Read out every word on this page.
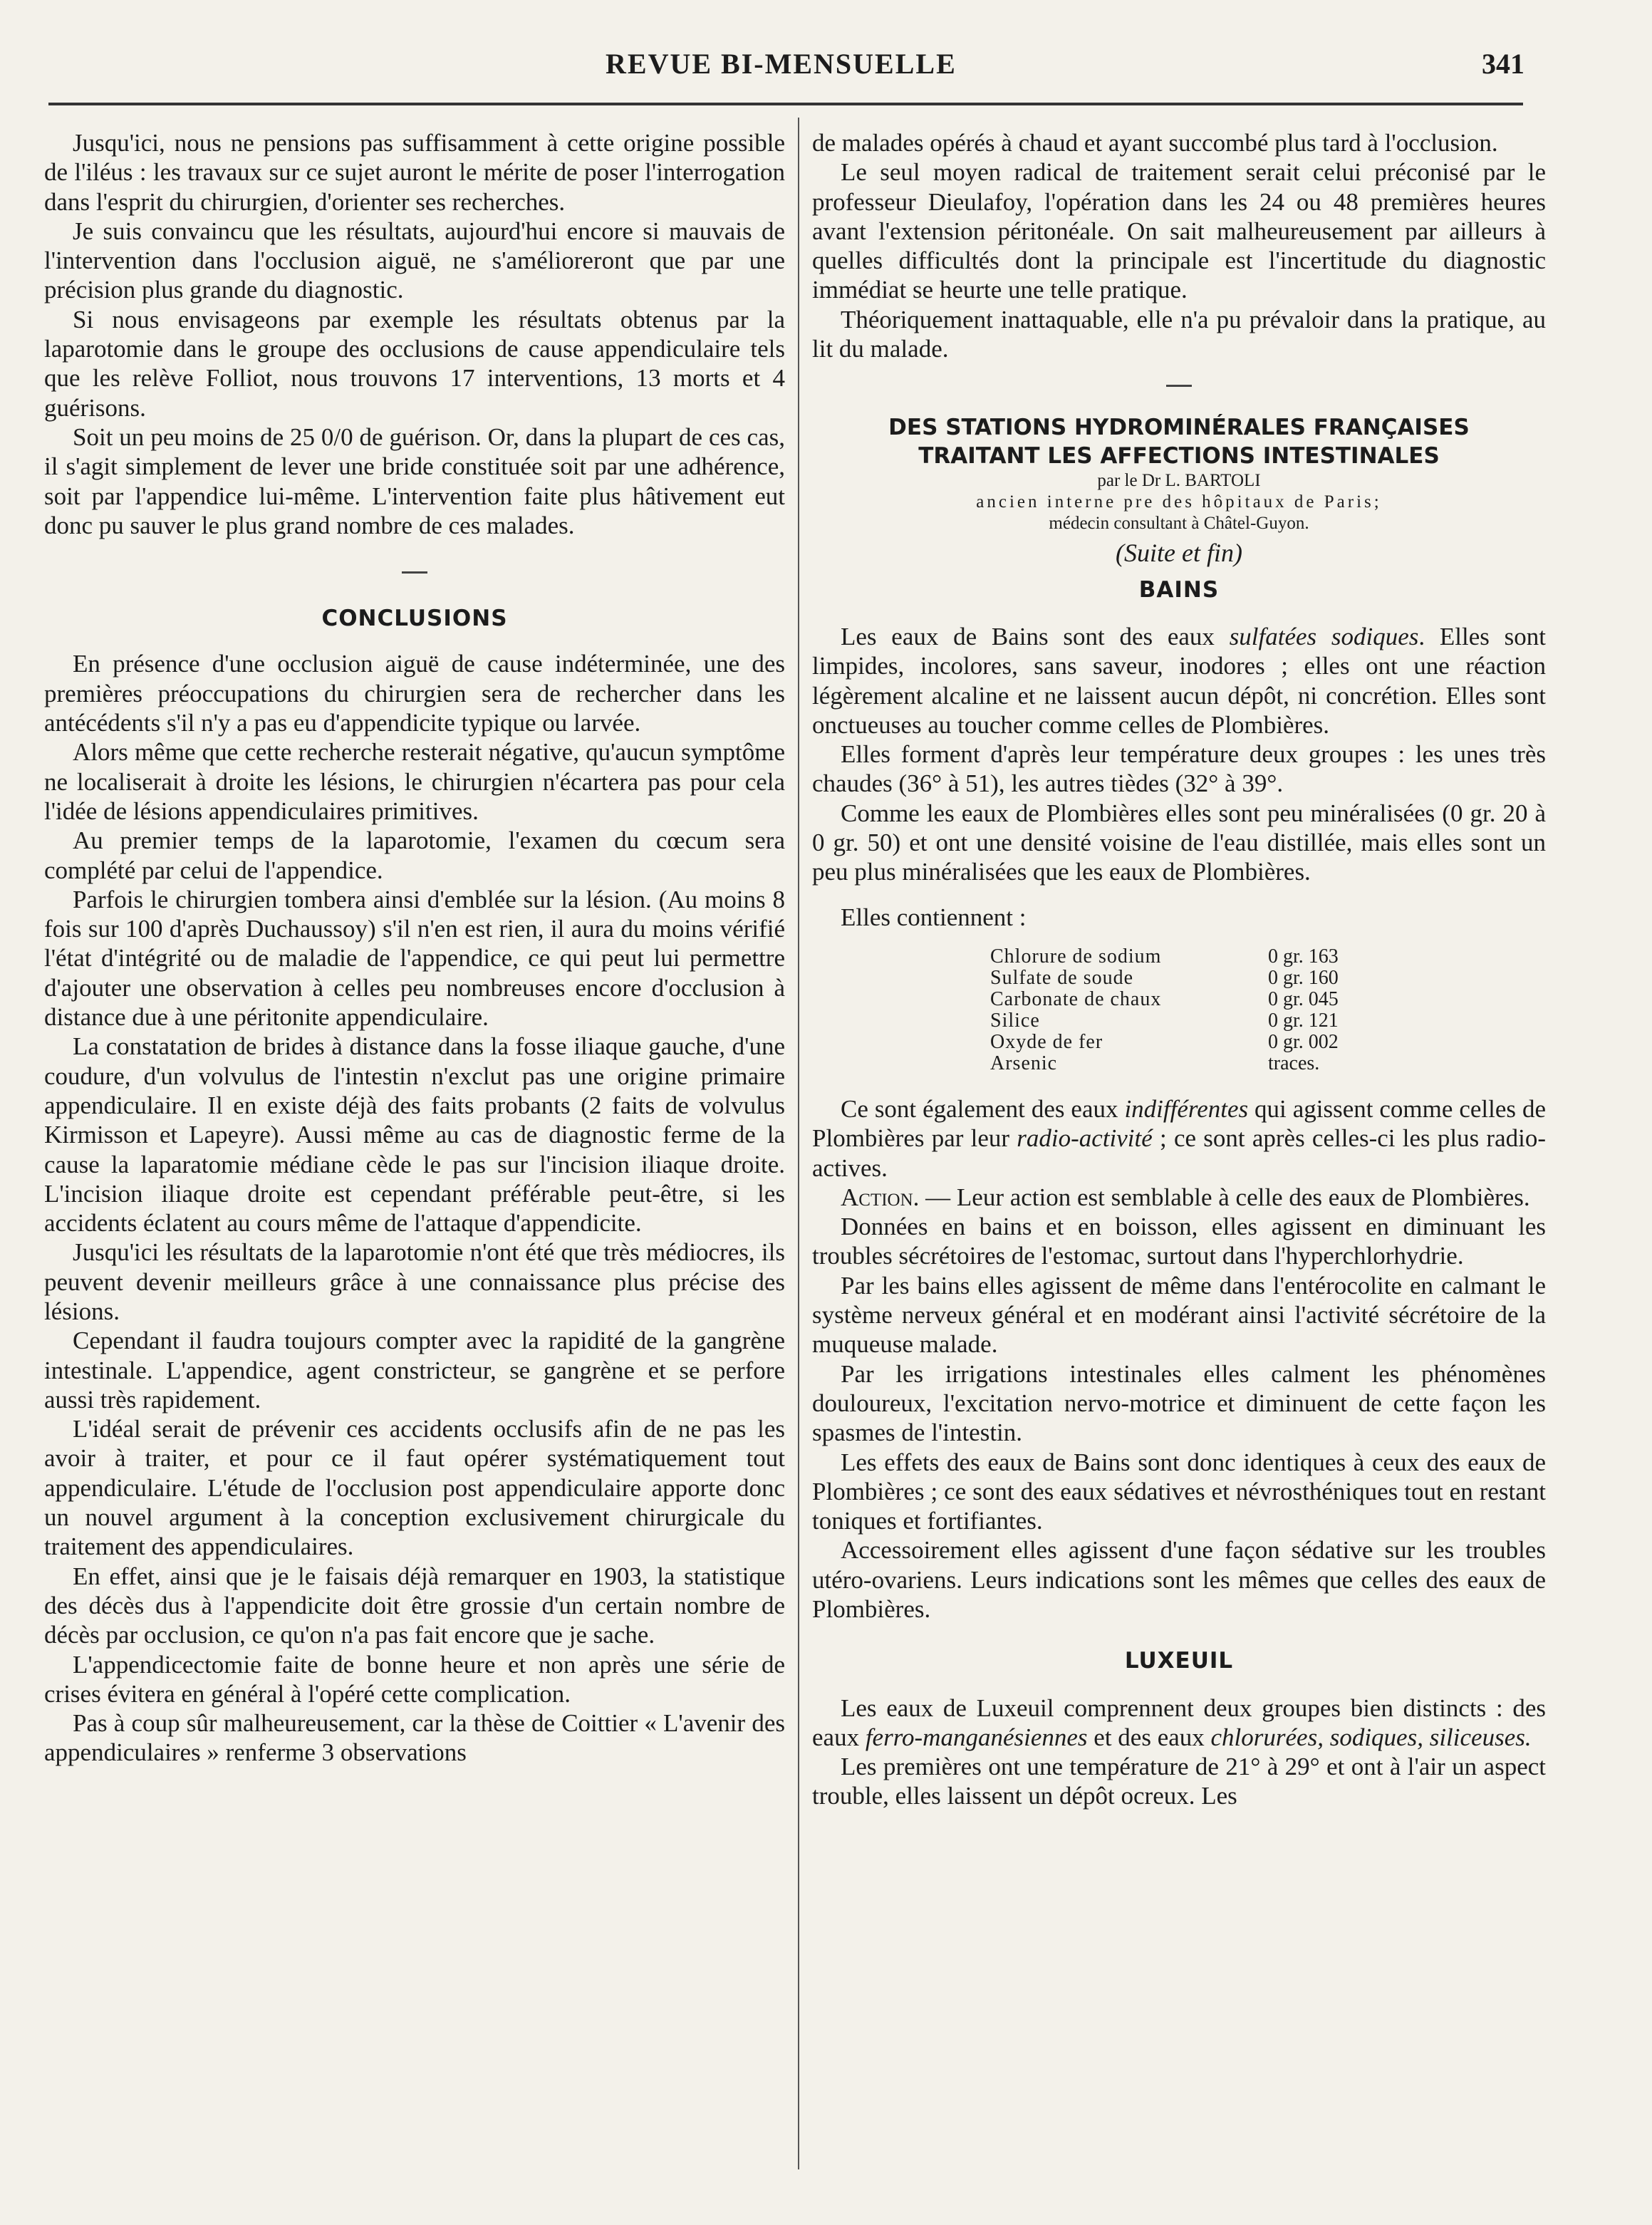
REVUE BI-MENSUELLE	341

Jusqu'ici, nous ne pensions pas suffisamment à cette origine possible de l'iléus : les travaux sur ce sujet auront le mérite de poser l'interrogation dans l'esprit du chirurgien, d'orienter ses recherches.

Je suis convaincu que les résultats, aujourd'hui encore si mauvais de l'intervention dans l'occlusion aiguë, ne s'amélioreront que par une précision plus grande du diagnostic.

Si nous envisageons par exemple les résultats obtenus par la laparotomie dans le groupe des occlusions de cause appendiculaire tels que les relève Folliot, nous trouvons 17 interventions, 13 morts et 4 guérisons.

Soit un peu moins de 25 0/0 de guérison. Or, dans la plupart de ces cas, il s'agit simplement de lever une bride constituée soit par une adhérence, soit par l'appendice lui-même. L'intervention faite plus hâtivement eut donc pu sauver le plus grand nombre de ces malades.

CONCLUSIONS

En présence d'une occlusion aiguë de cause indéterminée, une des premières préoccupations du chirurgien sera de rechercher dans les antécédents s'il n'y a pas eu d'appendicite typique ou larvée.

Alors même que cette recherche resterait négative, qu'aucun symptôme ne localiserait à droite les lésions, le chirurgien n'écartera pas pour cela l'idée de lésions appendiculaires primitives.

Au premier temps de la laparotomie, l'examen du cœcum sera complété par celui de l'appendice.

Parfois le chirurgien tombera ainsi d'emblée sur la lésion. (Au moins 8 fois sur 100 d'après Duchaussoy) s'il n'en est rien, il aura du moins vérifié l'état d'intégrité ou de maladie de l'appendice, ce qui peut lui permettre d'ajouter une observation à celles peu nombreuses encore d'occlusion à distance due à une péritonite appendiculaire.

La constatation de brides à distance dans la fosse iliaque gauche, d'une coudure, d'un volvulus de l'intestin n'exclut pas une origine primaire appendiculaire. Il en existe déjà des faits probants (2 faits de volvulus Kirmisson et Lapeyre). Aussi même au cas de diagnostic ferme de la cause la laparatomie médiane cède le pas sur l'incision iliaque droite. L'incision iliaque droite est cependant préférable peut-être, si les accidents éclatent au cours même de l'attaque d'appendicite.

Jusqu'ici les résultats de la laparotomie n'ont été que très médiocres, ils peuvent devenir meilleurs grâce à une connaissance plus précise des lésions.

Cependant il faudra toujours compter avec la rapidité de la gangrène intestinale. L'appendice, agent constricteur, se gangrène et se perfore aussi très rapidement.

L'idéal serait de prévenir ces accidents occlusifs afin de ne pas les avoir à traiter, et pour ce il faut opérer systématiquement tout appendiculaire. L'étude de l'occlusion post appendiculaire apporte donc un nouvel argument à la conception exclusivement chirurgicale du traitement des appendiculaires.

En effet, ainsi que je le faisais déjà remarquer en 1903, la statistique des décès dus à l'appendicite doit être grossie d'un certain nombre de décès par occlusion, ce qu'on n'a pas fait encore que je sache.

L'appendicectomie faite de bonne heure et non après une série de crises évitera en général à l'opéré cette complication.

Pas à coup sûr malheureusement, car la thèse de Coittier « L'avenir des appendiculaires » renferme 3 observations

de malades opérés à chaud et ayant succombé plus tard à l'occlusion.

Le seul moyen radical de traitement serait celui préconisé par le professeur Dieulafoy, l'opération dans les 24 ou 48 premières heures avant l'extension péritonéale. On sait malheureusement par ailleurs à quelles difficultés dont la principale est l'incertitude du diagnostic immédiat se heurte une telle pratique.

Théoriquement inattaquable, elle n'a pu prévaloir dans la pratique, au lit du malade.

DES STATIONS HYDROMINÉRALES FRANÇAISES
TRAITANT LES AFFECTIONS INTESTINALES
par le Dr L. BARTOLI
ancien interne pre des hôpitaux de Paris;
médecin consultant à Châtel-Guyon.
(Suite et fin)
BAINS

Les eaux de Bains sont des eaux sulfatées sodiques. Elles sont limpides, incolores, sans saveur, inodores ; elles ont une réaction légèrement alcaline et ne laissent aucun dépôt, ni concrétion. Elles sont onctueuses au toucher comme celles de Plombières.

Elles forment d'après leur température deux groupes : les unes très chaudes (36° à 51), les autres tièdes (32° à 39°.

Comme les eaux de Plombières elles sont peu minéralisées (0 gr. 20 à 0 gr. 50) et ont une densité voisine de l'eau distillée, mais elles sont un peu plus minéralisées que les eaux de Plombières.

Elles contiennent :

Chlorure de sodium	0 gr. 163
Sulfate de soude	0 gr. 160
Carbonate de chaux	0 gr. 045
Silice	0 gr. 121
Oxyde de fer	0 gr. 002
Arsenic	traces.

Ce sont également des eaux indifférentes qui agissent comme celles de Plombières par leur radio-activité ; ce sont après celles-ci les plus radio-actives.

Action. — Leur action est semblable à celle des eaux de Plombières.

Données en bains et en boisson, elles agissent en diminuant les troubles sécrétoires de l'estomac, surtout dans l'hyperchlorhydrie.

Par les bains elles agissent de même dans l'entérocolite en calmant le système nerveux général et en modérant ainsi l'activité sécrétoire de la muqueuse malade.

Par les irrigations intestinales elles calment les phénomènes douloureux, l'excitation nervo-motrice et diminuent de cette façon les spasmes de l'intestin.

Les effets des eaux de Bains sont donc identiques à ceux des eaux de Plombières ; ce sont des eaux sédatives et névrosthéniques tout en restant toniques et fortifiantes.

Accessoirement elles agissent d'une façon sédative sur les troubles utéro-ovariens. Leurs indications sont les mêmes que celles des eaux de Plombières.

LUXEUIL

Les eaux de Luxeuil comprennent deux groupes bien distincts : des eaux ferro-manganésiennes et des eaux chlorurées, sodiques, siliceuses.

Les premières ont une température de 21° à 29° et ont à l'air un aspect trouble, elles laissent un dépôt ocreux. Les
